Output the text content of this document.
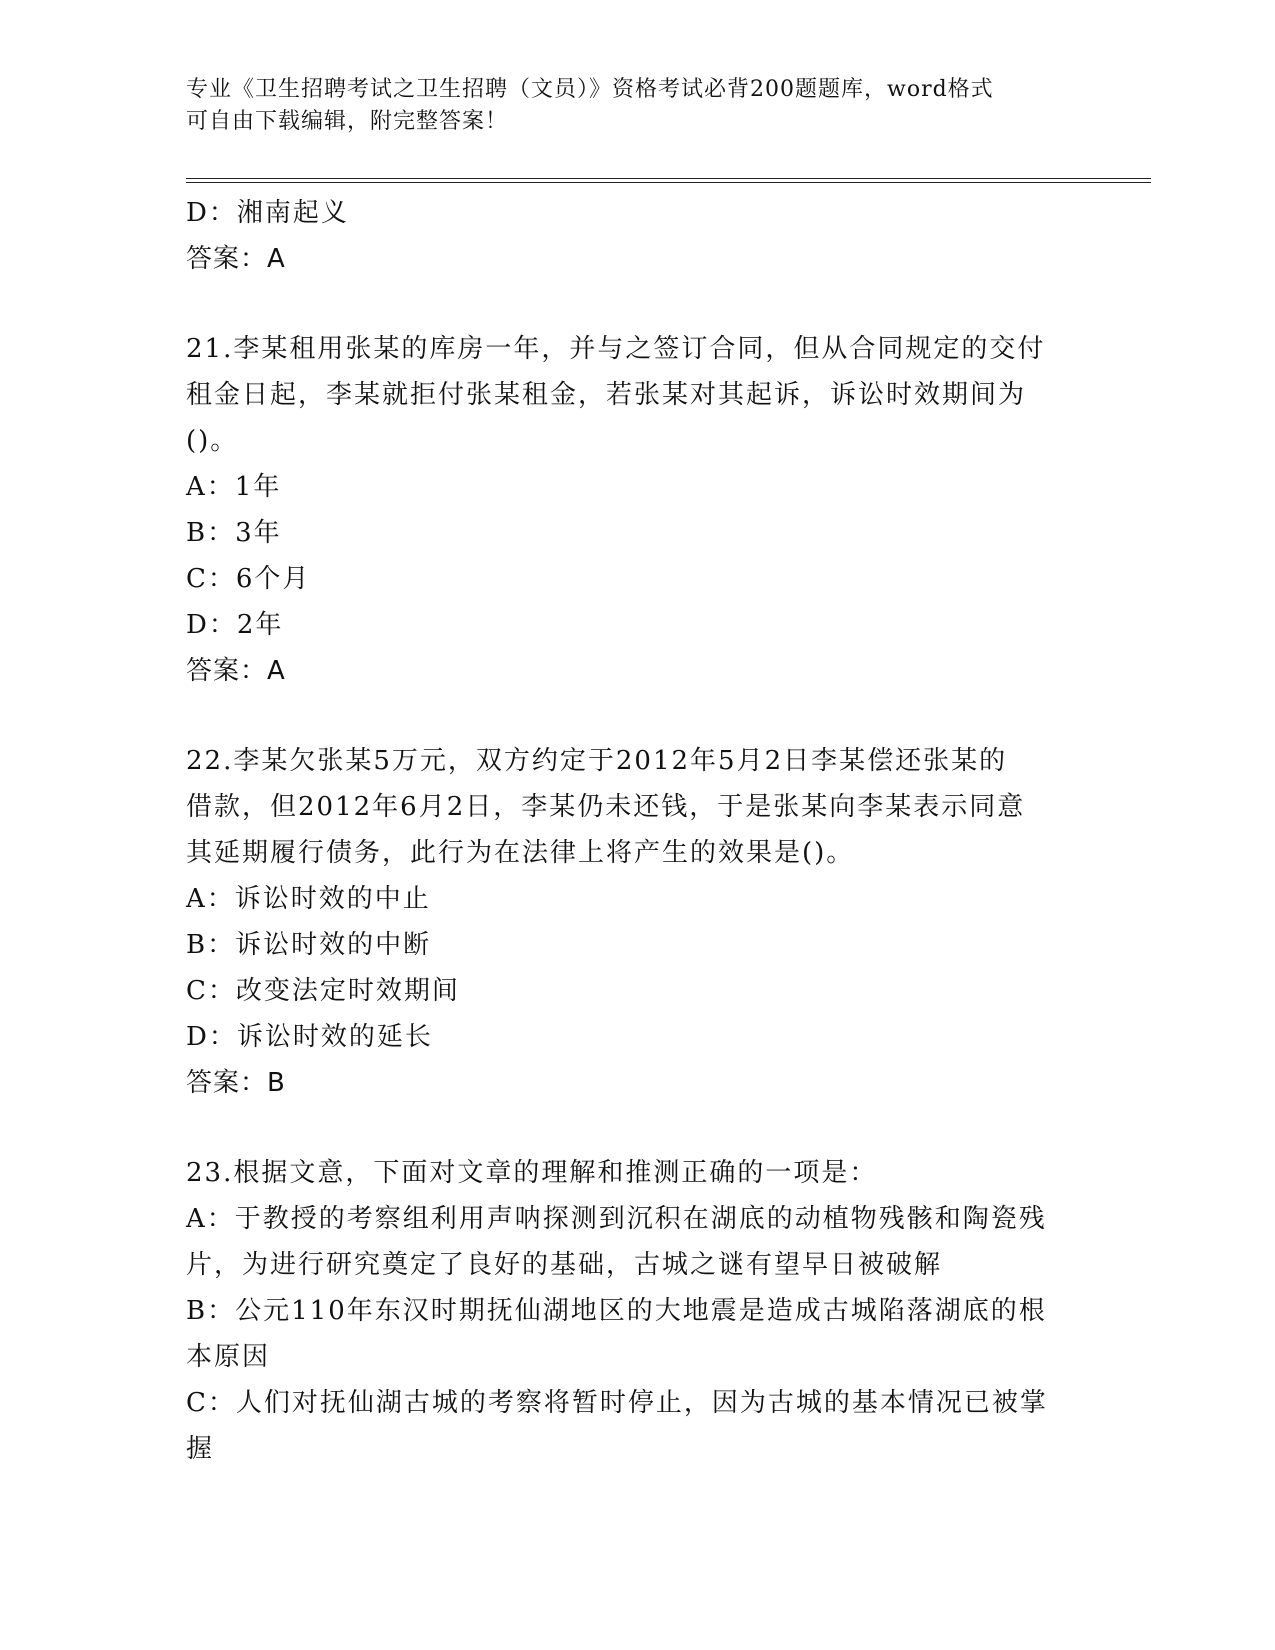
专业《卫生招聘考试之卫生招聘（文员）》资格考试必背200题题库，word格式
可自由下载编辑，附完整答案！
D：湘南起义
答案：A
21.李某租用张某的库房一年，并与之签订合同，但从合同规定的交付
租金日起，李某就拒付张某租金，若张某对其起诉，诉讼时效期间为
()。
A：1年
B：3年
C：6个月
D：2年
答案：A
22.李某欠张某5万元，双方约定于2012年5月2日李某偿还张某的
借款，但2012年6月2日，李某仍未还钱，于是张某向李某表示同意
其延期履行债务，此行为在法律上将产生的效果是()。
A：诉讼时效的中止
B：诉讼时效的中断
C：改变法定时效期间
D：诉讼时效的延长
答案：B
23.根据文意，下面对文章的理解和推测正确的一项是：
A：于教授的考察组利用声呐探测到沉积在湖底的动植物残骸和陶瓷残
片，为进行研究奠定了良好的基础，古城之谜有望早日被破解
B：公元110年东汉时期抚仙湖地区的大地震是造成古城陷落湖底的根
本原因
C：人们对抚仙湖古城的考察将暂时停止，因为古城的基本情况已被掌
握
